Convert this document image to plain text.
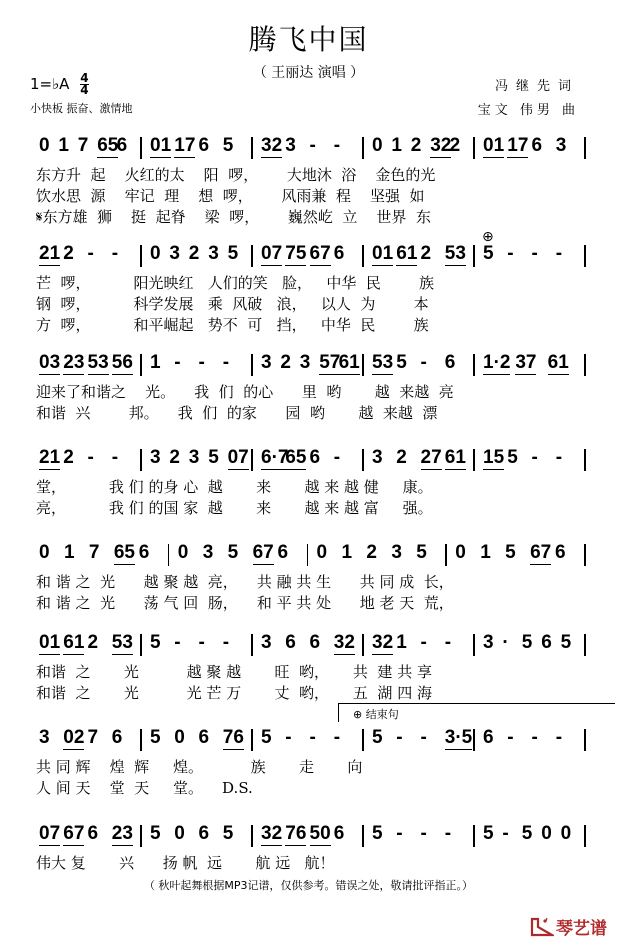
腾飞中国
（ 王丽达 演唱 ）
1=♭A $\frac{4}{4}$
小快板 振奋、激情地
冯继先词
宝文 伟男 曲
0 1 7 65
6 01 17 6 5 32 3 - - 0 1 2 32
2 01 17 6 3
东方升  起    火红的太    阳  啰，      大地沐  浴    金色的光
饮水思  源    牢记  理    想  啰，      风雨兼  程    坚强  如
𝄋东方雄  狮    挺  起脊    梁  啰，      巍然屹  立    世界  东
21 2 - - 0 3 2 3 5 07 75 67 6 01 61 2 53 5 - - -
⊕
芒  啰，         阳光映红   人们的笑   脸，   中华  民        族
钢  啰，         科学发展   乘  风破   浪，   以人  为        本
方  啰，         和平崛起   势不  可   挡，   中华  民        族
03 23 53 56 1 - - - 3 2 3 57
61 53 5 - 6 1·2 37 61
迎来了和谐之    光。    我  们  的心      里  哟       越  来越  亮
和谐  兴        邦。    我  们  的家      园  哟       越  来越  漂
21 2 - - 3 2 3 5 07 6·7
65 6 - 3 2 27 61 15 5 - -
堂，         我 们 的身 心  越       来       越 来 越 健     康。
亮，         我 们 的国 家  越       来       越 来 越 富     强。
0 1 7 65 6 0 3 5 67 6 0 1 2 3 5 0 1 5 67 6
和 谐 之  光      越 聚 越  亮，    共 融 共 生      共 同 成  长，
和 谐 之  光      荡 气 回  肠，    和 平 共 处      地 老 天  荒，
01 61 2 53 5 - - - 3 6 6 32 32 1 - - 3 · 5 6 5
和谐  之       光          越 聚 越       旺  哟，     共  建 共 享
和谐  之       光          光 芒 万       丈  哟，     五  湖 四 海
3 02 7 6 5 0 6 76 5 - - - 5 - - 3·5 6 - - -
⊕ 结束句
共 同 辉    煌  辉     煌。          族       走       向
人 间 天    堂  天     堂。    D.S.
07 67 6 23 5 0 6 5 32 76 50 6 5 - - - 5 - 5 0 0
伟大 复       兴      扬 帆  远       航 远   航！
（ 秋叶起舞根据MP3记谱，仅供参考。错误之处，敬请批评指正。）
琴艺谱
